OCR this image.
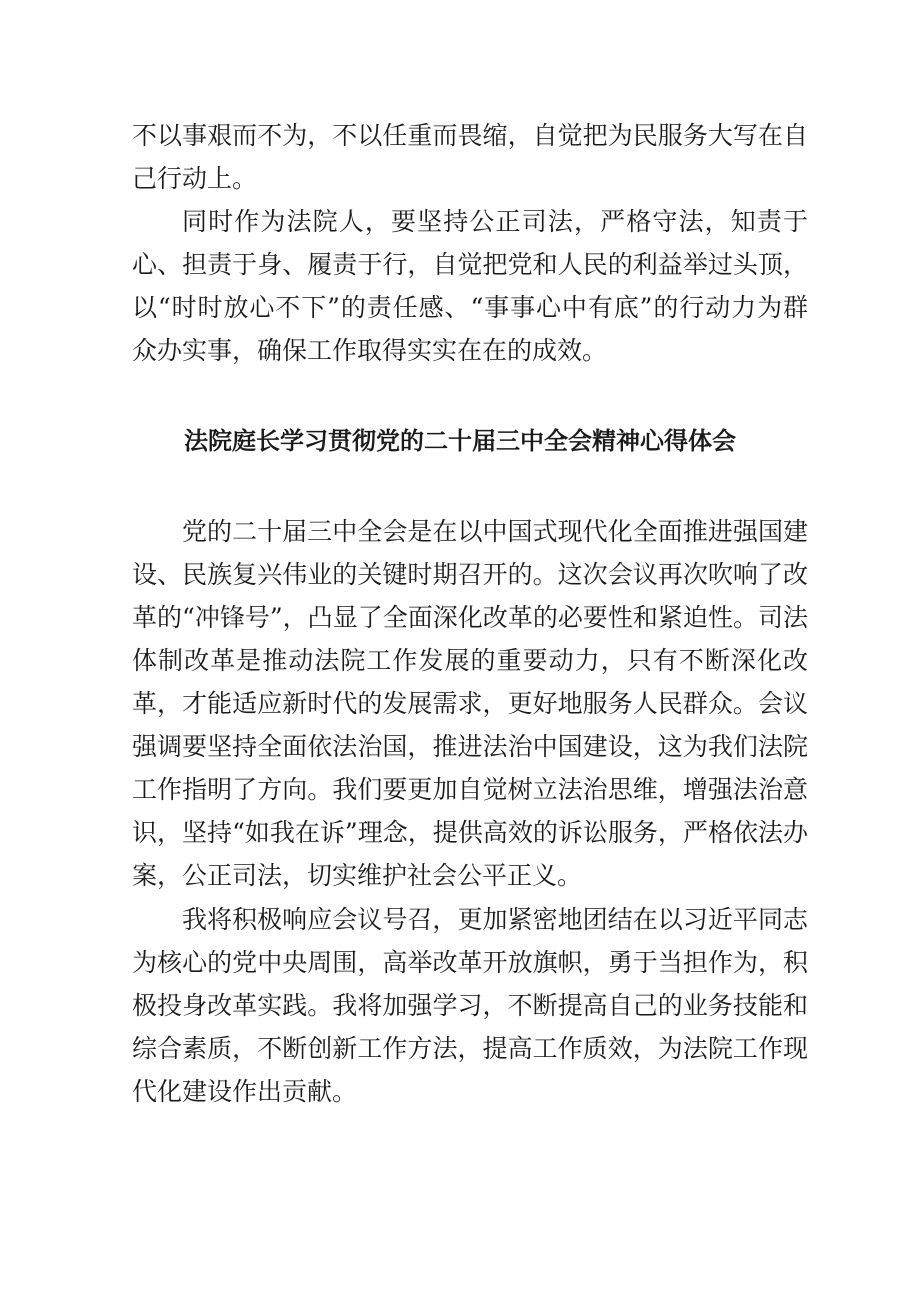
不以事艰而不为，不以任重而畏缩，自觉把为民服务大写在自己行动上。

同时作为法院人，要坚持公正司法，严格守法，知责于心、担责于身、履责于行，自觉把党和人民的利益举过头顶，以“时时放心不下”的责任感、“事事心中有底”的行动力为群众办实事，确保工作取得实实在在的成效。

法院庭长学习贯彻党的二十届三中全会精神心得体会

党的二十届三中全会是在以中国式现代化全面推进强国建设、民族复兴伟业的关键时期召开的。这次会议再次吹响了改革的“冲锋号”，凸显了全面深化改革的必要性和紧迫性。司法体制改革是推动法院工作发展的重要动力，只有不断深化改革，才能适应新时代的发展需求，更好地服务人民群众。会议强调要坚持全面依法治国，推进法治中国建设，这为我们法院工作指明了方向。我们要更加自觉树立法治思维，增强法治意识，坚持“如我在诉”理念，提供高效的诉讼服务，严格依法办案，公正司法，切实维护社会公平正义。

我将积极响应会议号召，更加紧密地团结在以习近平同志为核心的党中央周围，高举改革开放旗帜，勇于当担作为，积极投身改革实践。我将加强学习，不断提高自己的业务技能和综合素质，不断创新工作方法，提高工作质效，为法院工作现代化建设作出贡献。
